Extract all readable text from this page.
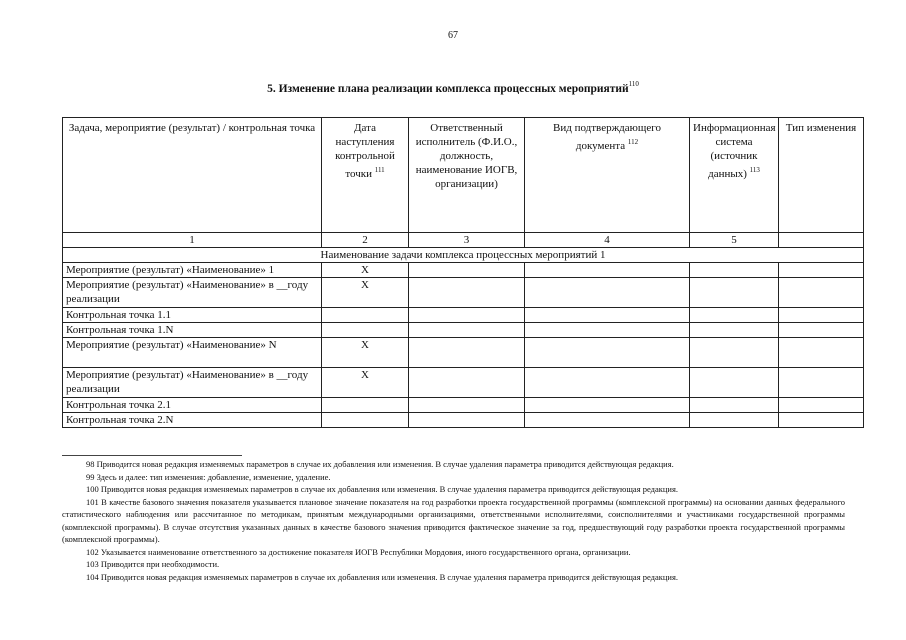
67
5. Изменение плана реализации комплекса процессных мероприятий$^{110}$
Задача, мероприятие (результат) / контрольная точка	Дата наступления контрольной точки $^{111}$	Ответственный исполнитель (Ф.И.О., должность, наименование ИОГВ, организации)	Вид подтверждающего документа $^{112}$	Информационная система (источник данных) $^{113}$	Тип изменения
1	2	3	4	5	
Наименование задачи комплекса процессных мероприятий 1					
Мероприятие (результат) «Наименование» 1	X				
Мероприятие (результат) «Наименование» в __году реализации	X				
Контрольная точка 1.1					
Контрольная точка 1.N					
Мероприятие (результат) «Наименование» N	X				
Мероприятие (результат) «Наименование» в __году реализации	X				
Контрольная точка 2.1					
Контрольная точка 2.N					

98 Приводится новая редакция изменяемых параметров в случае их добавления или изменения. В случае удаления параметра приводится действующая редакция.

99 Здесь и далее: тип изменения: добавление, изменение, удаление.

100 Приводится новая редакция изменяемых параметров в случае их добавления или изменения. В случае удаления параметра приводится действующая редакция.

101 В качестве базового значения показателя указывается плановое значение показателя на год разработки проекта государственной программы (комплексной программы) на основании данных федерального статистического наблюдения или рассчитанное по методикам, принятым международными организациями, ответственными исполнителями, соисполнителями и участниками государственной программы (комплексной программы). В случае отсутствия указанных данных в качестве базового значения приводится фактическое значение за год, предшествующий году разработки проекта государственной программы (комплексной программы).

102 Указывается наименование ответственного за достижение показателя ИОГВ Республики Мордовия, иного государственного органа, организации.

103 Приводится при необходимости.

104 Приводится новая редакция изменяемых параметров в случае их добавления или изменения. В случае удаления параметра приводится действующая редакция.
